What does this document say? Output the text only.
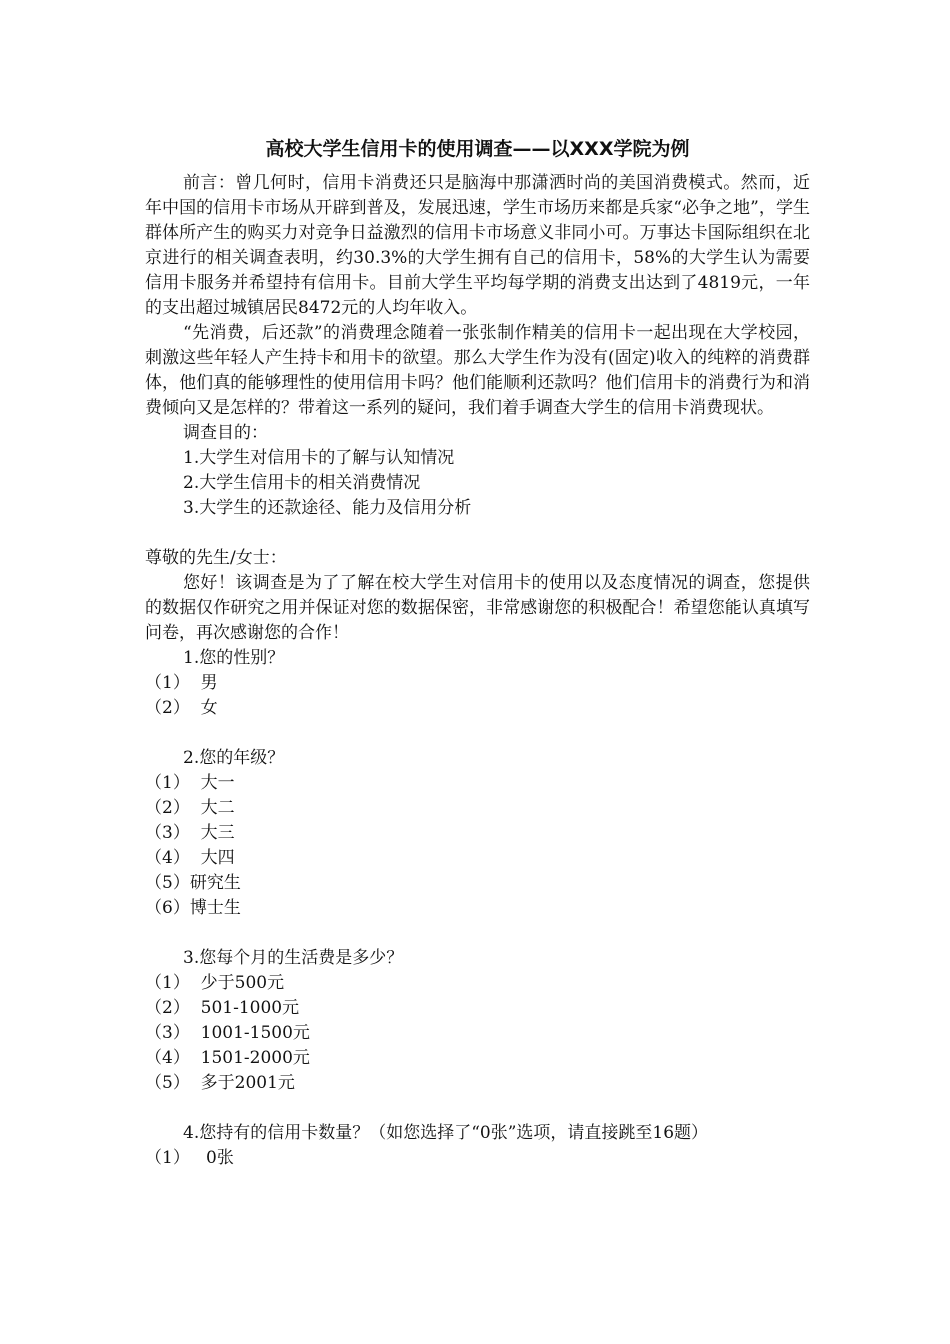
高校大学生信用卡的使用调查——以XXX学院为例

前言：曾几何时，信用卡消费还只是脑海中那潇洒时尚的美国消费模式。然而，近年中国的信用卡市场从开辟到普及，发展迅速，学生市场历来都是兵家“必争之地”，学生群体所产生的购买力对竞争日益激烈的信用卡市场意义非同小可。万事达卡国际组织在北京进行的相关调查表明，约30.3%的大学生拥有自己的信用卡，58%的大学生认为需要信用卡服务并希望持有信用卡。目前大学生平均每学期的消费支出达到了4819元，一年的支出超过城镇居民8472元的人均年收入。

“先消费，后还款”的消费理念随着一张张制作精美的信用卡一起出现在大学校园，刺激这些年轻人产生持卡和用卡的欲望。那么大学生作为没有(固定)收入的纯粹的消费群体，他们真的能够理性的使用信用卡吗？他们能顺利还款吗？他们信用卡的消费行为和消费倾向又是怎样的？带着这一系列的疑问，我们着手调查大学生的信用卡消费现状。

调查目的：

1.大学生对信用卡的了解与认知情况

2.大学生信用卡的相关消费情况

3.大学生的还款途径、能力及信用分析

尊敬的先生/女士：

您好！该调查是为了了解在校大学生对信用卡的使用以及态度情况的调查，您提供的数据仅作研究之用并保证对您的数据保密，非常感谢您的积极配合！希望您能认真填写问卷，再次感谢您的合作！

1.您的性别？

（1）  男

（2）  女

2.您的年级？

（1）  大一

（2）  大二

（3）  大三

（4）  大四

（5）研究生

（6）博士生

3.您每个月的生活费是多少？

（1）  少于500元

（2）  501-1000元

（3）  1001-1500元

（4）  1501-2000元

（5）  多于2001元

4.您持有的信用卡数量？（如您选择了“0张”选项，请直接跳至16题）

（1）   0张
